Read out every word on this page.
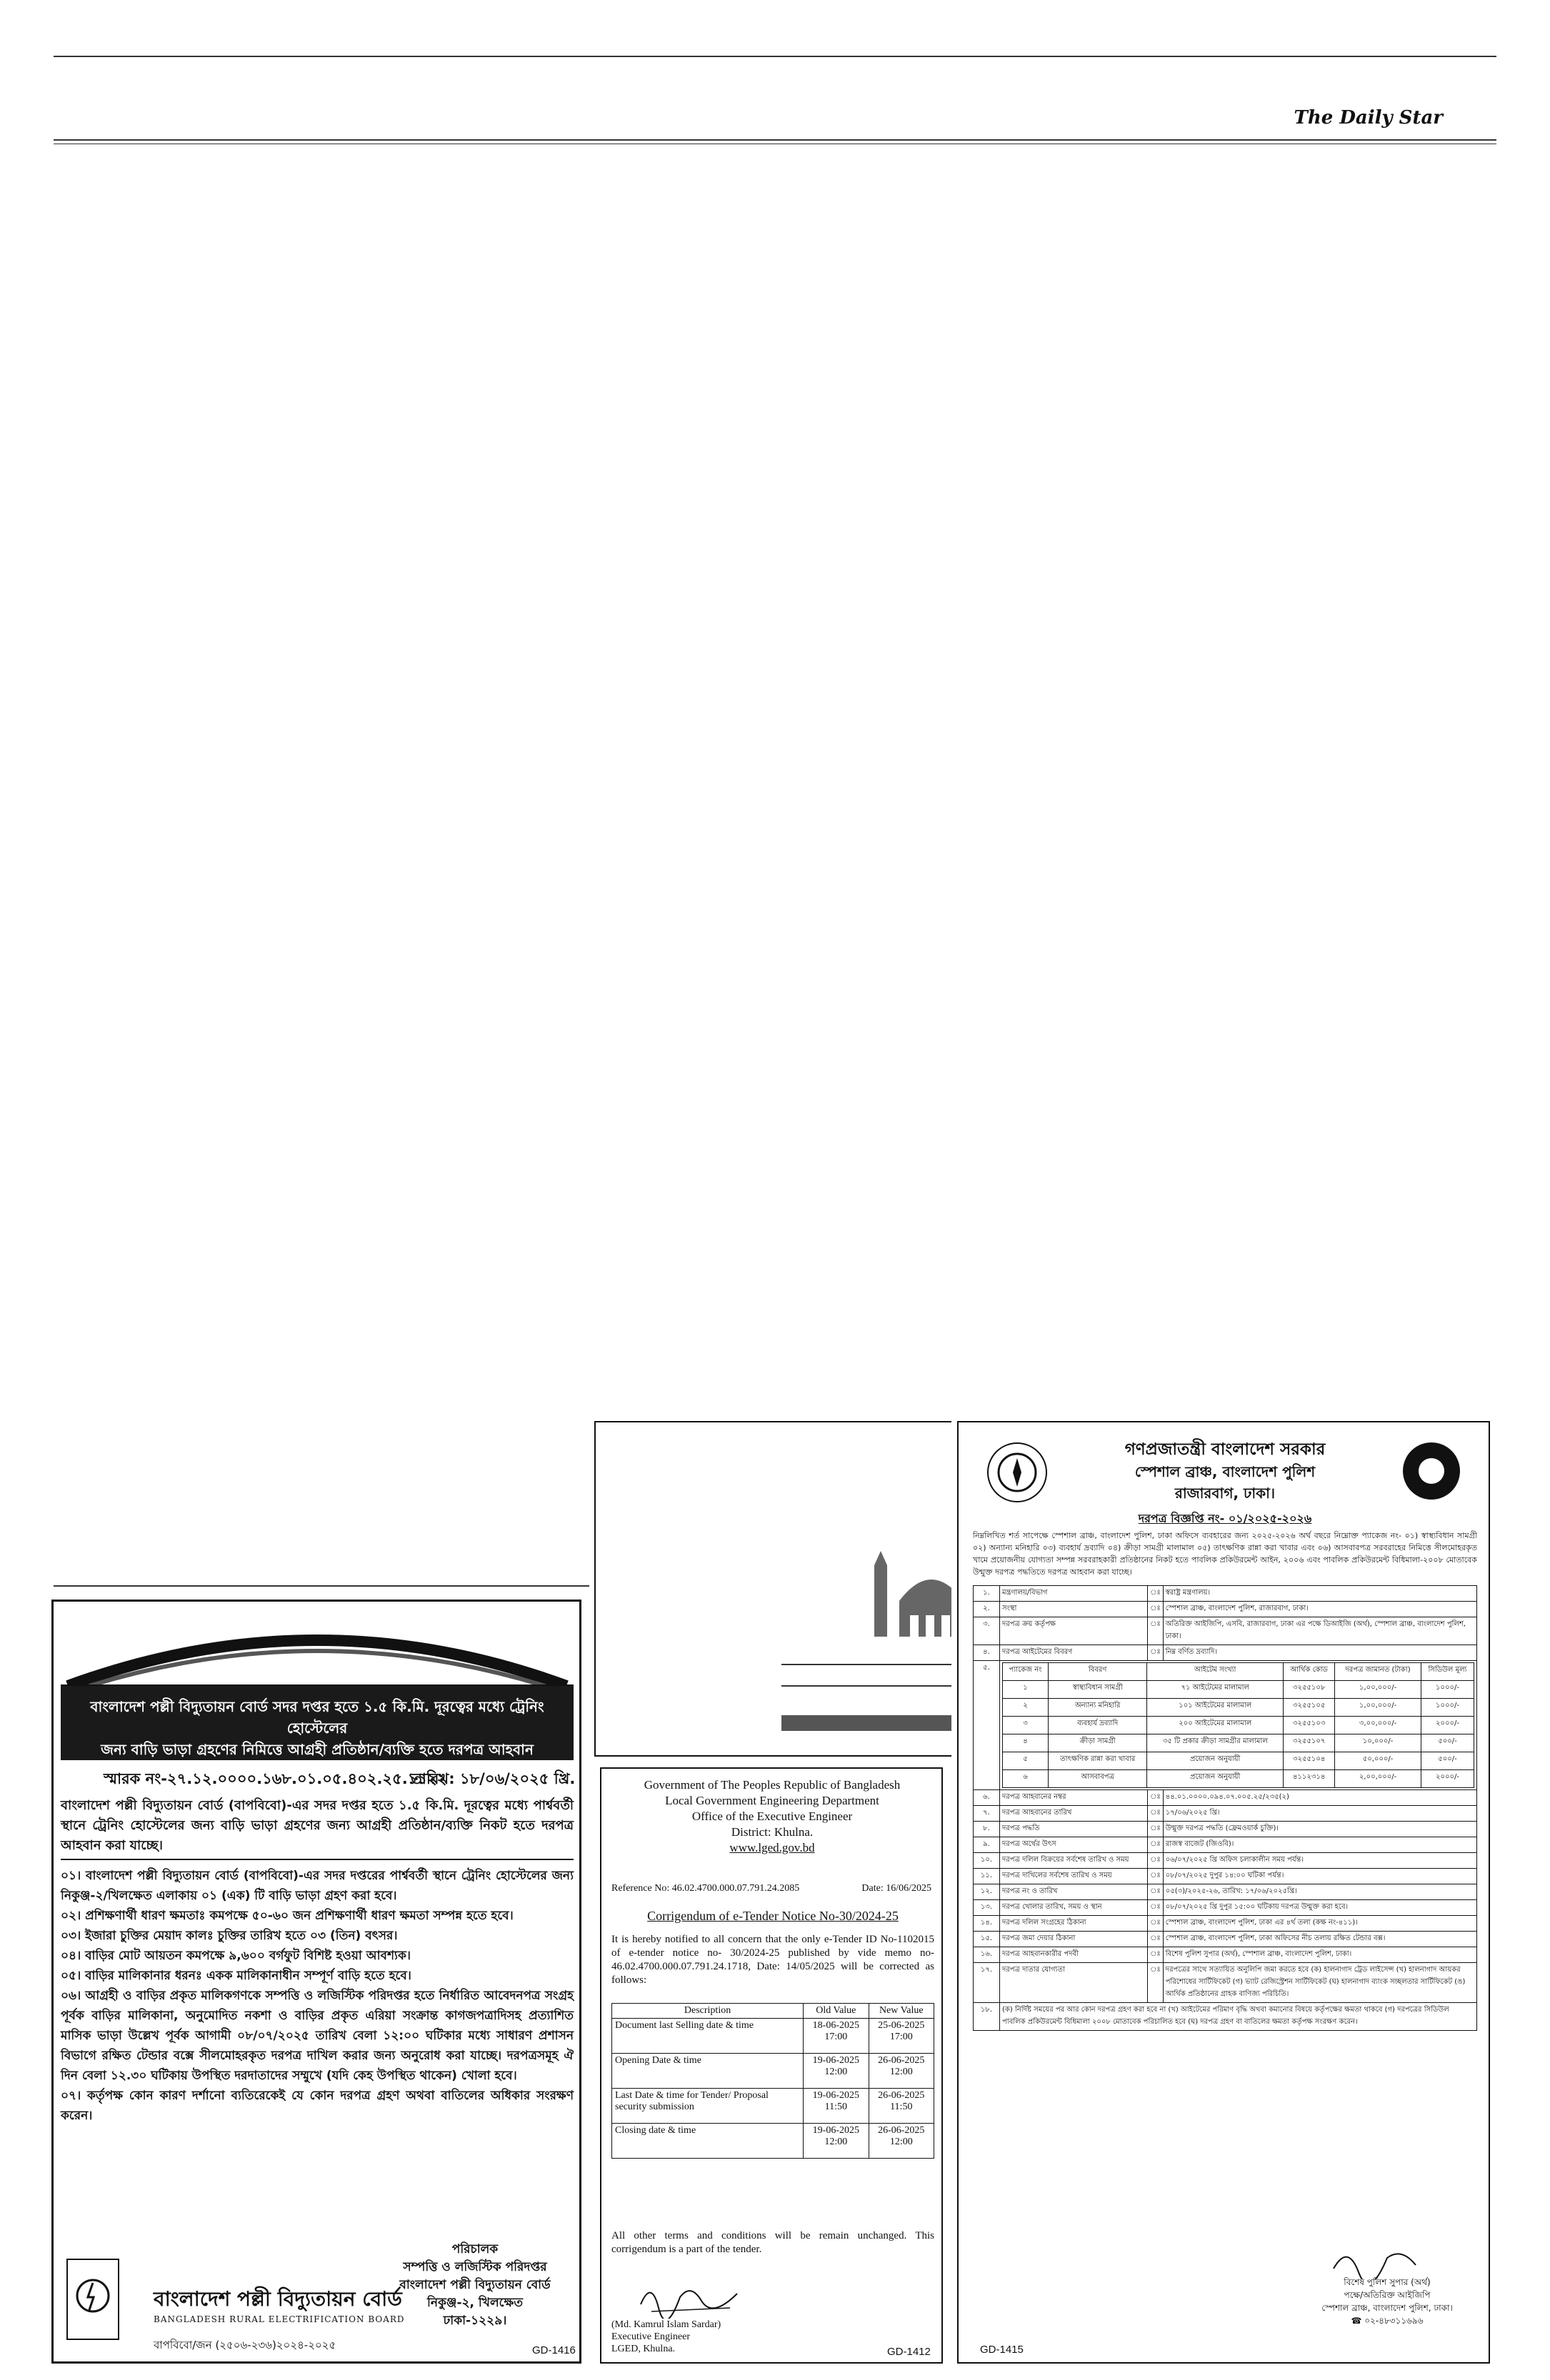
The Daily Star
বাংলাদেশ পল্লী বিদ্যুতায়ন বোর্ড সদর দপ্তর হতে ১.৫ কি.মি. দূরত্বের মধ্যে ট্রেনিং হোস্টেলের
জন্য বাড়ি ভাড়া গ্রহণের নিমিত্তে আগ্রহী প্রতিষ্ঠান/ব্যক্তি হতে দরপত্র আহবান
স্মারক নং-২৭.১২.০০০০.১৬৮.০১.০৫.৪০২.২৫.১১২২
তারিখ: ১৮/০৬/২০২৫ খ্রি.
বাংলাদেশ পল্লী বিদ্যুতায়ন বোর্ড (বাপবিবো)-এর সদর দপ্তর হতে ১.৫ কি.মি. দূরত্বের মধ্যে পার্শ্ববর্তী স্থানে ট্রেনিং হোস্টেলের জন্য বাড়ি ভাড়া গ্রহণের জন্য আগ্রহী প্রতিষ্ঠান/ব্যক্তি নিকট হতে দরপত্র আহবান করা যাচ্ছে।

০১। বাংলাদেশ পল্লী বিদ্যুতায়ন বোর্ড (বাপবিবো)-এর সদর দপ্তরের পার্শ্ববর্তী স্থানে ট্রেনিং হোস্টেলের জন্য নিকুঞ্জ-২/খিলক্ষেত এলাকায় ০১ (এক) টি বাড়ি ভাড়া গ্রহণ করা হবে।

০২। প্রশিক্ষণার্থী ধারণ ক্ষমতাঃ কমপক্ষে ৫০-৬০ জন প্রশিক্ষণার্থী ধারণ ক্ষমতা সম্পন্ন হতে হবে।

০৩। ইজারা চুক্তির মেয়াদ কালঃ চুক্তির তারিখ হতে ০৩ (তিন) বৎসর।

০৪। বাড়ির মোট আয়তন কমপক্ষে ৯,৬০০ বর্গফুট বিশিষ্ট হওয়া আবশ্যক।

০৫। বাড়ির মালিকানার ধরনঃ একক মালিকানাধীন সম্পূর্ণ বাড়ি হতে হবে।

০৬। আগ্রহী ও বাড়ির প্রকৃত মালিকগণকে সম্পত্তি ও লজিস্টিক পরিদপ্তর হতে নির্ধারিত আবেদনপত্র সংগ্রহ পূর্বক বাড়ির মালিকানা, অনুমোদিত নকশা ও বাড়ির প্রকৃত এরিয়া সংক্রান্ত কাগজপত্রাদিসহ প্রত্যাশিত মাসিক ভাড়া উল্লেখ পূর্বক আগামী ০৮/০৭/২০২৫ তারিখ বেলা ১২:০০ ঘটিকার মধ্যে সাধারণ প্রশাসন বিভাগে রক্ষিত টেন্ডার বক্সে সীলমোহরকৃত দরপত্র দাখিল করার জন্য অনুরোধ করা যাচ্ছে। দরপত্রসমূহ ঐ দিন বেলা ১২.৩০ ঘটিকায় উপস্থিত দরদাতাদের সম্মুখে (যদি কেহ উপস্থিত থাকেন) খোলা হবে।

০৭। কর্তৃপক্ষ কোন কারণ দর্শানো ব্যতিরেকেই যে কোন দরপত্র গ্রহণ অথবা বাতিলের অধিকার সংরক্ষণ করেন।

পরিচালক
সম্পত্তি ও লজিস্টিক পরিদপ্তর
বাংলাদেশ পল্লী বিদ্যুতায়ন বোর্ড
নিকুঞ্জ-২, খিলক্ষেত
ঢাকা-১২২৯।
বাংলাদেশ পল্লী বিদ্যুতায়ন বোর্ড
BANGLADESH RURAL ELECTRIFICATION BOARD
বাপবিবো/জন (২৫০৬-২৩৬)২০২৪-২০২৫	GD-1416
Government of The Peoples Republic of Bangladesh
Local Government Engineering Department
Office of the Executive Engineer
District: Khulna.
www.lged.gov.bd
Reference No: 46.02.4700.000.07.791.24.2085	Date: 16/06/2025
Corrigendum of e-Tender Notice No-30/2024-25
It is hereby notified to all concern that the only e-Tender ID No-1102015 of e-tender notice no- 30/2024-25 published by vide memo no- 46.02.4700.000.07.791.24.1718, Date: 14/05/2025 will be corrected as follows:
Description	Old Value	New Value
Document last Selling date & time	18-06-2025 17:00	25-06-2025 17:00
Opening Date & time	19-06-2025 12:00	26-06-2025 12:00
Last Date & time for Tender/ Proposal security submission	19-06-2025 11:50	26-06-2025 11:50
Closing date & time	19-06-2025 12:00	26-06-2025 12:00
All other terms and conditions will be remain unchanged. This corrigendum is a part of the tender.
(Md. Kamrul Islam Sardar)
Executive Engineer
LGED, Khulna.	GD-1412
গণপ্রজাতন্ত্রী বাংলাদেশ সরকার
স্পেশাল ব্রাঞ্চ, বাংলাদেশ পুলিশ
রাজারবাগ, ঢাকা।
দরপত্র বিজ্ঞপ্তি নং- ০১/২০২৫-২০২৬
নিম্নলিখিত শর্ত সাপেক্ষে স্পেশাল ব্রাঞ্চ, বাংলাদেশ পুলিশ, ঢাকা অফিসে ব্যবহারের জন্য ২০২৫-২০২৬ অর্থ বছরে নিম্নোক্ত প্যাকেজ নং- ০১) স্বাস্থ্যবিধান সামগ্রী ০২) অন্যান্য মনিহারি ০৩) ব্যবহার্য দ্রব্যাদি ০৪) ক্রীড়া সামগ্রী মালামাল ০৫) তাৎক্ষণিক রান্না করা খাবার এবং ০৬) আসবাবপত্র সরবরাহের নিমিত্তে সীলমোহরকৃত খামে প্রয়োজনীয় যোগ্যতা সম্পন্ন সরবরাহকারী প্রতিষ্ঠানের নিকট হতে পাবলিক প্রকিউরমেন্ট আইন, ২০০৬ এবং পাবলিক প্রকিউরমেন্ট বিধিমালা-২০০৮ মোতাবেক উন্মুক্ত দরপত্র পদ্ধতিতে দরপত্র আহবান করা যাচ্ছে।
১.	মন্ত্রণালয়/বিভাগ	ঃ	স্বরাষ্ট্র মন্ত্রণালয়।
২.	সংস্থা	ঃ	স্পেশাল ব্রাঞ্চ, বাংলাদেশ পুলিশ, রাজারবাগ, ঢাকা।
৩.	দরপত্র ক্রয় কর্তৃপক্ষ	ঃ	অতিরিক্ত আইজিপি, এসবি, রাজারবাগ, ঢাকা এর পক্ষে ডিআইজি (অর্থ), স্পেশাল ব্রাঞ্চ, বাংলাদেশ পুলিশ, ঢাকা।
৪.	দরপত্র আইটেমের বিবরণ	ঃ	নিম্ন বর্ণিত দ্রব্যাদি।
৫.		প্যাকেজ নং	বিবরণ	আইটেম সংখ্যা	আর্থিক কোড	দরপত্র জামানত (টাকা)	সিডিউল মূল্য
১	স্বাস্থ্যবিধান সামগ্রী	৭১ আইটেমের মালামাল	৩২৫৫১০৮	১,০০,০০০/-	১০০০/-
২	অন্যান্য মনিহারি	১০১ আইটেমের মালামাল	৩২৫৫১০৫	১,০০,০০০/-	১০০০/-
৩	ব্যবহার্য দ্রব্যাদি	২০০ আইটেমের মালামাল	৩২৫৫১০৩	৩,০০,০০০/-	২০০০/-
৪	ক্রীড়া সামগ্রী	৩৫ টি প্রকার ক্রীড়া সামগ্রীর মালামাল	৩২৫৫১০৭	১০,০০০/-	৫০০/-
৫	তাৎক্ষণিক রান্না করা খাবার	প্রয়োজন অনুযায়ী	৩২৫৫১০৪	৫০,০০০/-	৫০০/-
৬	আসবাবপত্র	প্রয়োজন অনুযায়ী	৪১১২৩১৪	২,০০,০০০/-	২০০০/-

৬.	দরপত্র আহবানের নম্বর	ঃ	৪৪.০১.০০০০.০৯৪.০৭.০০৫.২৫/২৩৫(২)
৭.	দরপত্র আহবানের তারিখ	ঃ	১৭/০৬/২০২৫ খ্রি।
৮.	দরপত্র পদ্ধতি	ঃ	উন্মুক্ত দরপত্র পদ্ধতি (ফ্রেমওয়ার্ক চুক্তি)।
৯.	দরপত্র অর্থের উৎস	ঃ	রাজস্ব বাজেট (জিওবি)।
১০.	দরপত্র দলিল বিক্রয়ের সর্বশেষ তারিখ ও সময়	ঃ	০৬/০৭/২০২৫ খ্রি অফিস চলাকালীন সময় পর্যন্ত।
১১.	দরপত্র দাখিলের সর্বশেষ তারিখ ও সময়	ঃ	০৮/০৭/২০২৫ দুপুর ১৪:০০ ঘটিকা পর্যন্ত।
১২.	দরপত্র নং ও তারিখ	ঃ	০৫(৩)/২০২৫-২৬, তারিখ: ১৭/০৬/২০২৫খ্রি।
১৩.	দরপত্র খোলার তারিখ, সময় ও স্থান	ঃ	০৮/০৭/২০২৫ খ্রি দুপুর ১৫:০০ ঘটিকায় দরপত্র উন্মুক্ত করা হবে।
১৪.	দরপত্র দলিল সংগ্রহের ঠিকানা	ঃ	স্পেশাল ব্রাঞ্চ, বাংলাদেশ পুলিশ, ঢাকা এর ৪র্থ তলা (কক্ষ নং-৪১১)।
১৫.	দরপত্র জমা দেয়ার ঠিকানা	ঃ	স্পেশাল ব্রাঞ্চ, বাংলাদেশ পুলিশ, ঢাকা অফিসের নীচ তলায় রক্ষিত টেন্ডার বক্স।
১৬.	দরপত্র আহবানকারীর পদবী	ঃ	বিশেষ পুলিশ সুপার (অর্থ), স্পেশাল ব্রাঞ্চ, বাংলাদেশ পুলিশ, ঢাকা।
১৭.	দরপত্র দাতার যোগ্যতা	ঃ	দরপত্রের সাথে সত্যায়িত অনুলিপি জমা করতে হবে (ক) হালনাগাদ ট্রেড লাইসেন্স (খ) হালনাগাদ আয়কর পরিশোধের সার্টিফিকেট (গ) ভ্যাট রেজিস্ট্রেশন সার্টিফিকেট (ঘ) হালনাগাদ ব্যাংক সচ্ছলতার সার্টিফিকেট (ঙ) আর্থিক প্রতিষ্ঠানের গ্রাহক বাণিজ্য পরিচিতি।
১৮.	(ক) নির্দিষ্ট সময়ের পর আর কোন দরপত্র গ্রহণ করা হবে না (খ) আইটেমের পরিমাণ বৃদ্ধি অথবা কমানোর বিষয়ে কর্তৃপক্ষের ক্ষমতা থাকবে (গ) দরপত্রের সিডিউল পাবলিক প্রকিউরমেন্ট বিধিমালা ২০০৮ মোতাবেক পরিচালিত হবে (ঘ) দরপত্র গ্রহণ বা বাতিলের ক্ষমতা কর্তৃপক্ষ সংরক্ষণ করেন।
বিশেষ পুলিশ সুপার (অর্থ)
পক্ষে/অতিরিক্ত আইজিপি
স্পেশাল ব্রাঞ্চ, বাংলাদেশ পুলিশ, ঢাকা।
☎ ০২-৪৮৩১১৬৯৬
GD-1415
